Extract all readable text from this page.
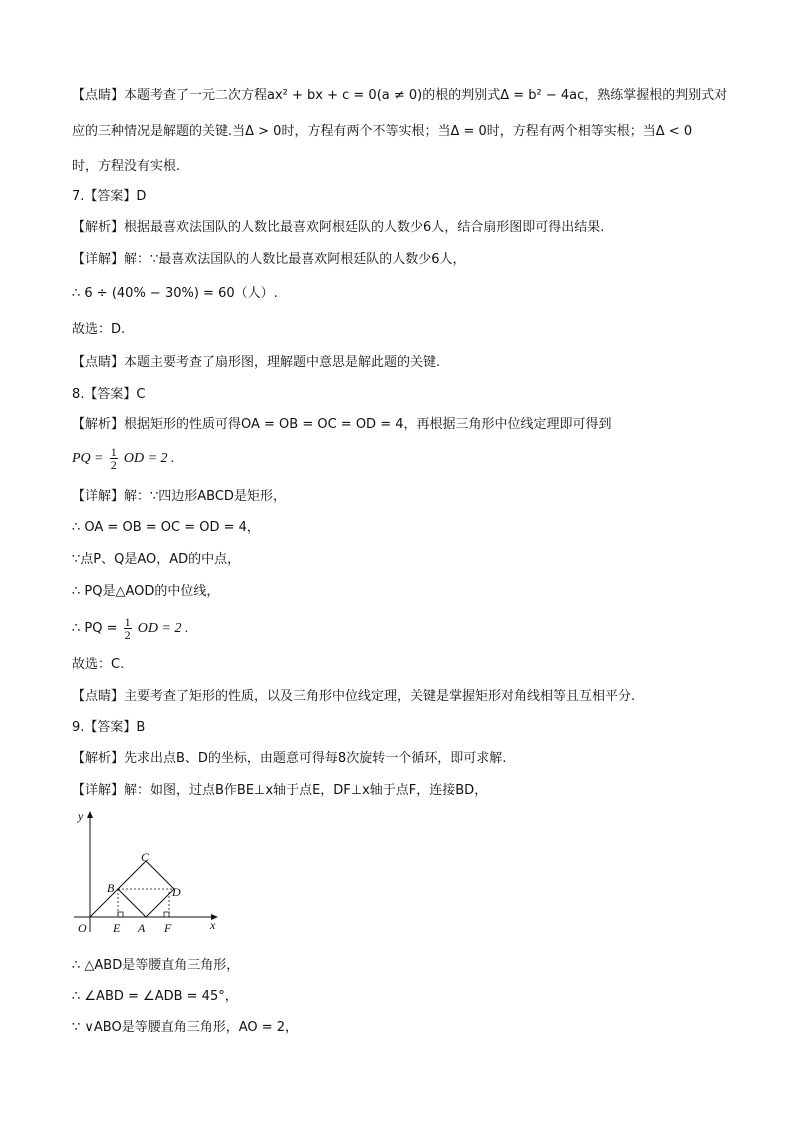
【点睛】本题考查了一元二次方程ax² + bx + c = 0(a ≠ 0)的根的判别式Δ = b² − 4ac，熟练掌握根的判别式对
应的三种情况是解题的关键.当Δ > 0时，方程有两个不等实根；当Δ = 0时，方程有两个相等实根；当Δ < 0
时，方程没有实根.
7.【答案】D
【解析】根据最喜欢法国队的人数比最喜欢阿根廷队的人数少6人，结合扇形图即可得出结果.
【详解】解：∵最喜欢法国队的人数比最喜欢阿根廷队的人数少6人，
∴ 6 ÷ (40% − 30%) = 60（人）.
故选：D.
【点睛】本题主要考查了扇形图，理解题中意思是解此题的关键.
8.【答案】C
【解析】根据矩形的性质可得OA = OB = OC = OD = 4，再根据三角形中位线定理即可得到
PQ = $\frac{1}{2}$ OD = 2 .
【详解】解：∵四边形ABCD是矩形，
∴ OA = OB = OC = OD = 4，
∵点P、Q是AO，AD的中点，
∴ PQ是△AOD的中位线，
∴ PQ = $\frac{1}{2}$ OD = 2 .
故选：C.
【点睛】主要考查了矩形的性质，以及三角形中位线定理，关键是掌握矩形对角线相等且互相平分.
9.【答案】B
【解析】先求出点B、D的坐标，由题意可得每8次旋转一个循环，即可求解.
【详解】解：如图，过点B作BE⊥x轴于点E，DF⊥x轴于点F，连接BD，
y
x
O
B
C
D
E A F
∴ △ABD是等腰直角三角形，
∴ ∠ABD = ∠ADB = 45°，
∵ ∨ABO是等腰直角三角形，AO = 2，
